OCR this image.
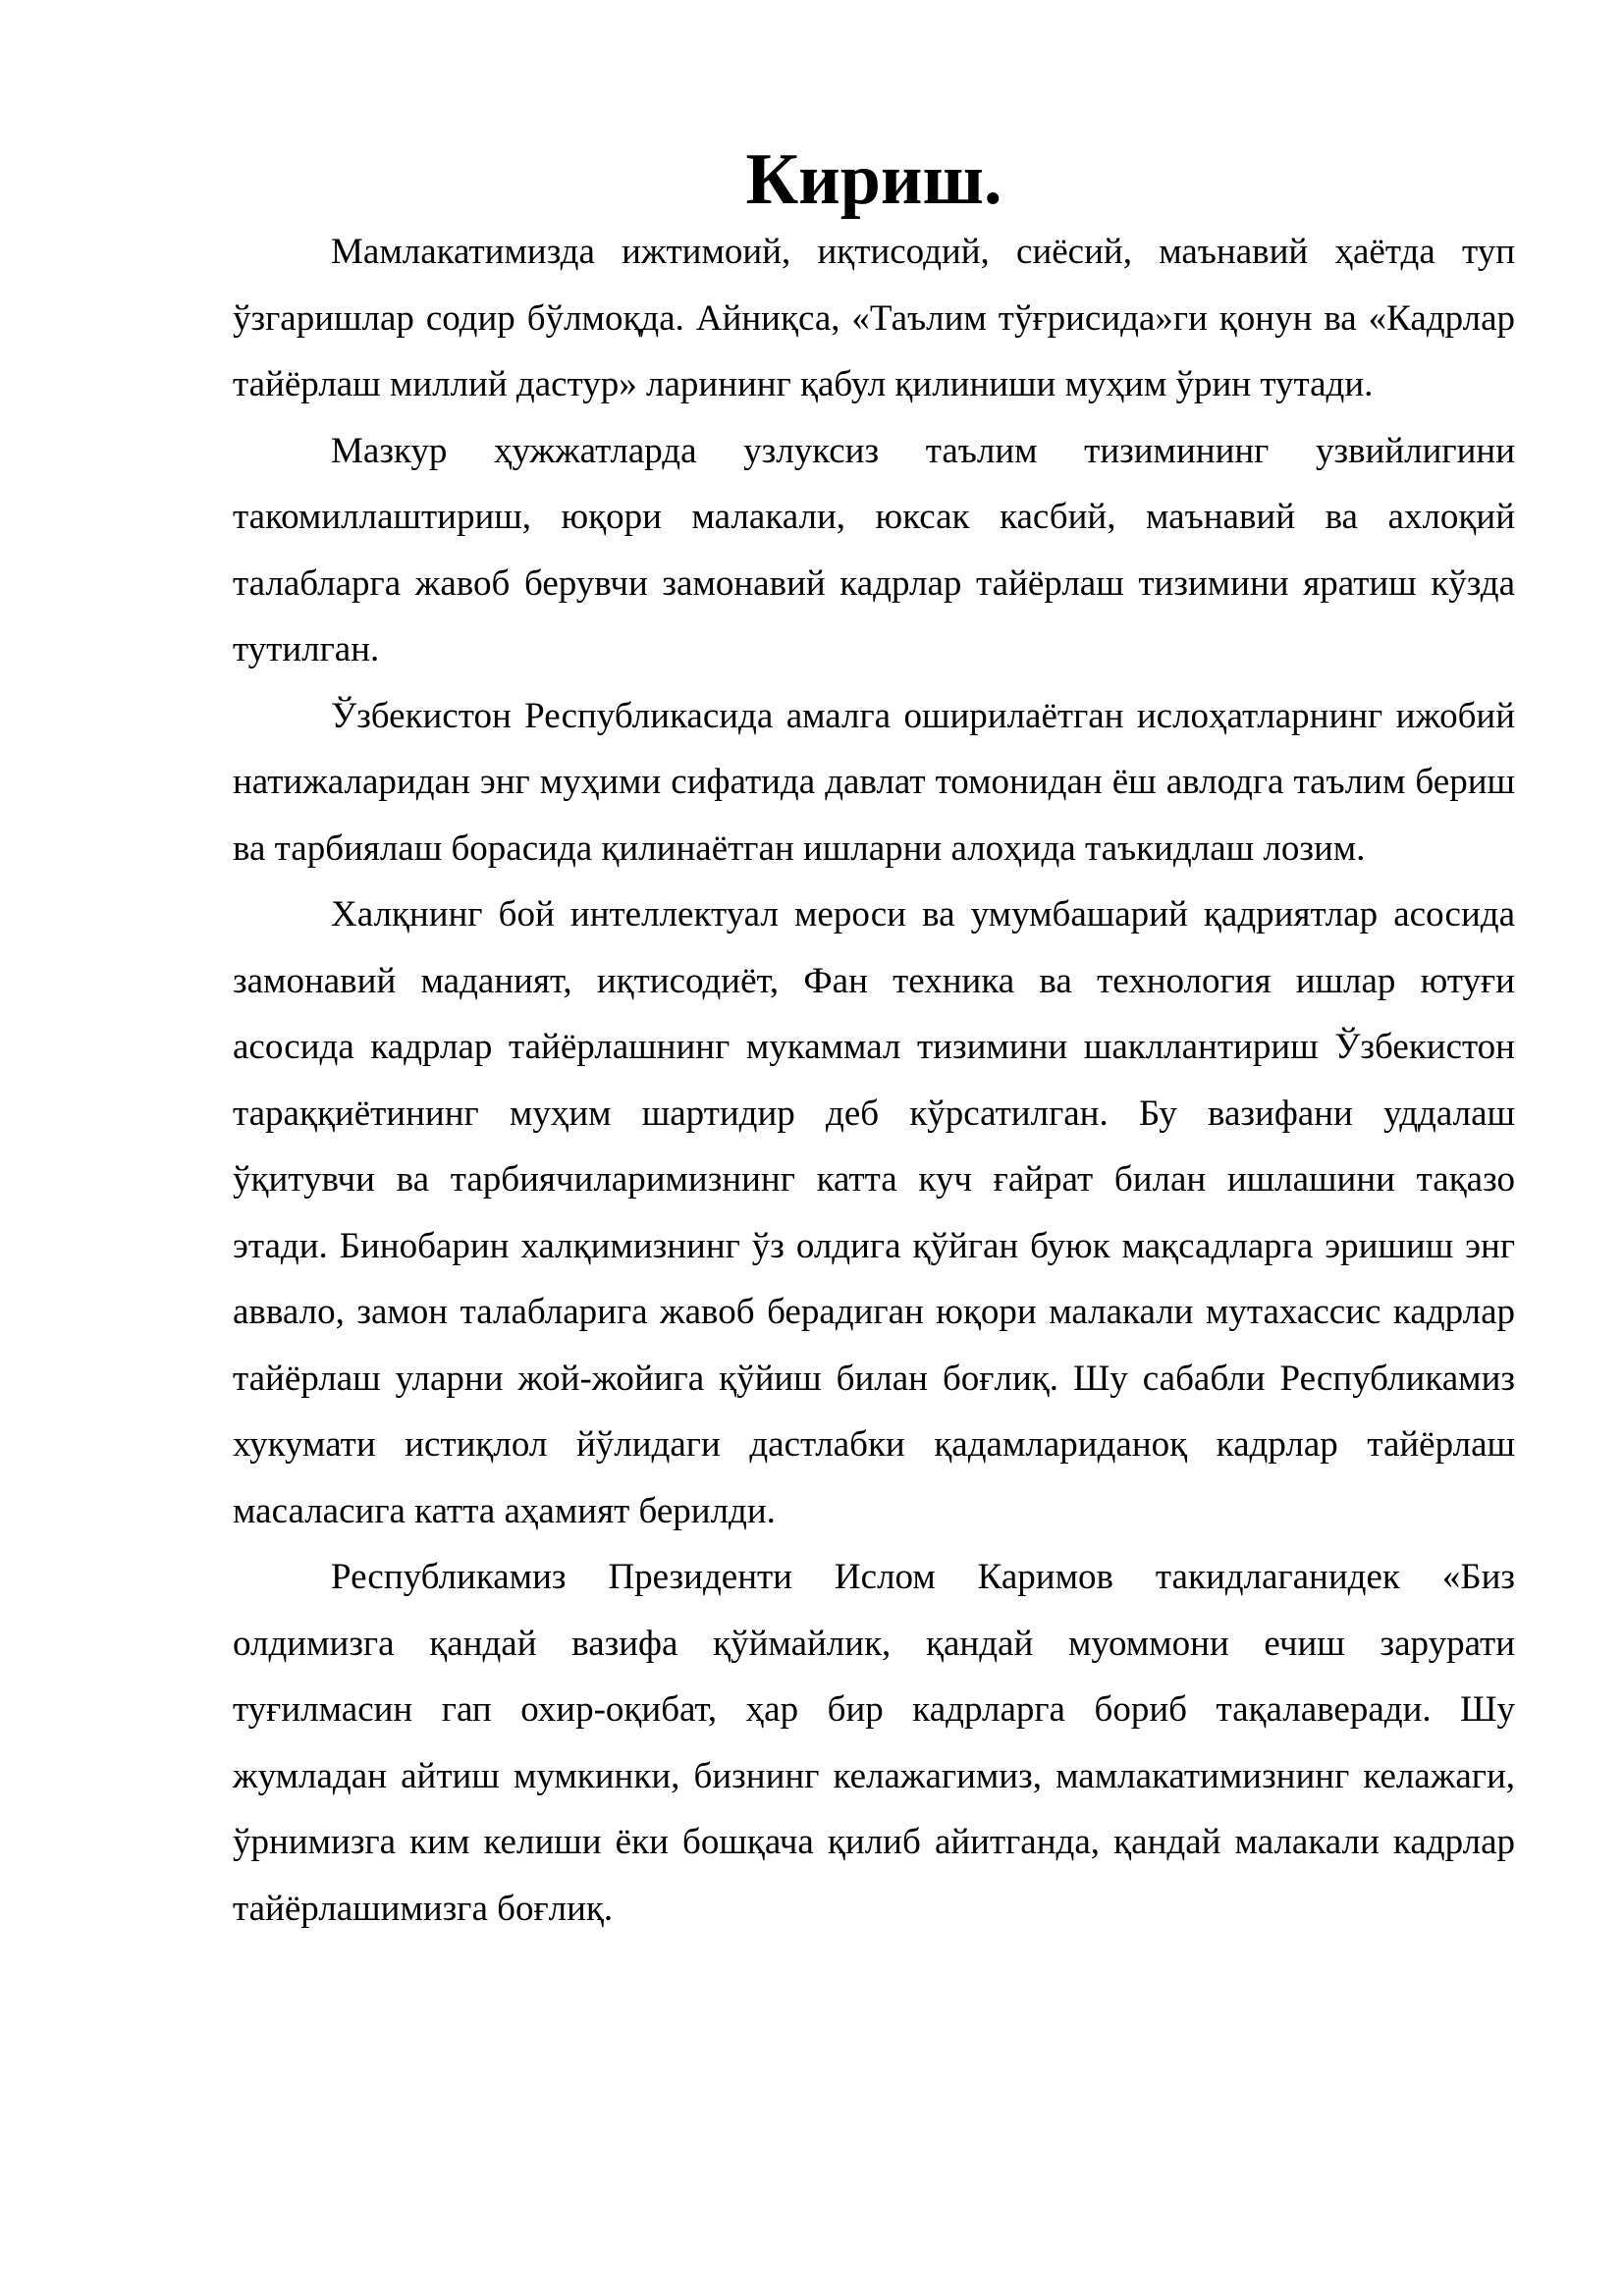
Кириш.

Мамлакатимизда ижтимоий, иқтисодий, сиёсий, маънавий ҳаётда туп ўзгаришлар содир бўлмоқда. Айниқса, «Таълим тўғрисида»ги қонун ва «Кадрлар тайёрлаш миллий дастур» ларининг қабул қилиниши муҳим ўрин тутади.

Мазкур ҳужжатларда узлуксиз таълим тизимининг узвийлигини такомиллаштириш, юқори малакали, юксак касбий, маънавий ва ахлоқий талабларга жавоб берувчи замонавий кадрлар тайёрлаш тизимини яратиш кўзда тутилган.

Ўзбекистон Республикасида амалга оширилаётган ислоҳатларнинг ижобий натижаларидан энг муҳими сифатида давлат томонидан ёш авлодга таълим бериш ва тарбиялаш борасида қилинаётган ишларни алоҳида таъкидлаш лозим.

Халқнинг бой интеллектуал мероси ва умумбашарий қадриятлар асосида замонавий маданият, иқтисодиёт, Фан техника ва технология ишлар ютуғи асосида кадрлар тайёрлашнинг мукаммал тизимини шакллантириш Ўзбекистон тараққиётининг муҳим шартидир деб кўрсатилган. Бу вазифани уддалаш ўқитувчи ва тарбиячиларимизнинг катта куч ғайрат билан ишлашини тақазо этади. Бинобарин халқимизнинг ўз олдига қўйган буюк мақсадларга эришиш энг аввало, замон талабларига жавоб берадиган юқори малакали мутахассис кадрлар тайёрлаш уларни жой-жойига қўйиш билан боғлиқ. Шу сабабли Республикамиз хукумати истиқлол йўлидаги дастлабки қадамлариданоқ кадрлар тайёрлаш масаласига катта аҳамият берилди.

Республикамиз Президенти Ислом Каримов такидлаганидек «Биз олдимизга қандай вазифа қўймайлик, қандай муоммони ечиш зарурати туғилмасин гап охир-оқибат, ҳар бир кадрларга бориб тақалаверади. Шу жумладан айтиш мумкинки, бизнинг келажагимиз, мамлакатимизнинг келажаги, ўрнимизга ким келиши ёки бошқача қилиб айитганда, қандай малакали кадрлар тайёрлашимизга боғлиқ.
